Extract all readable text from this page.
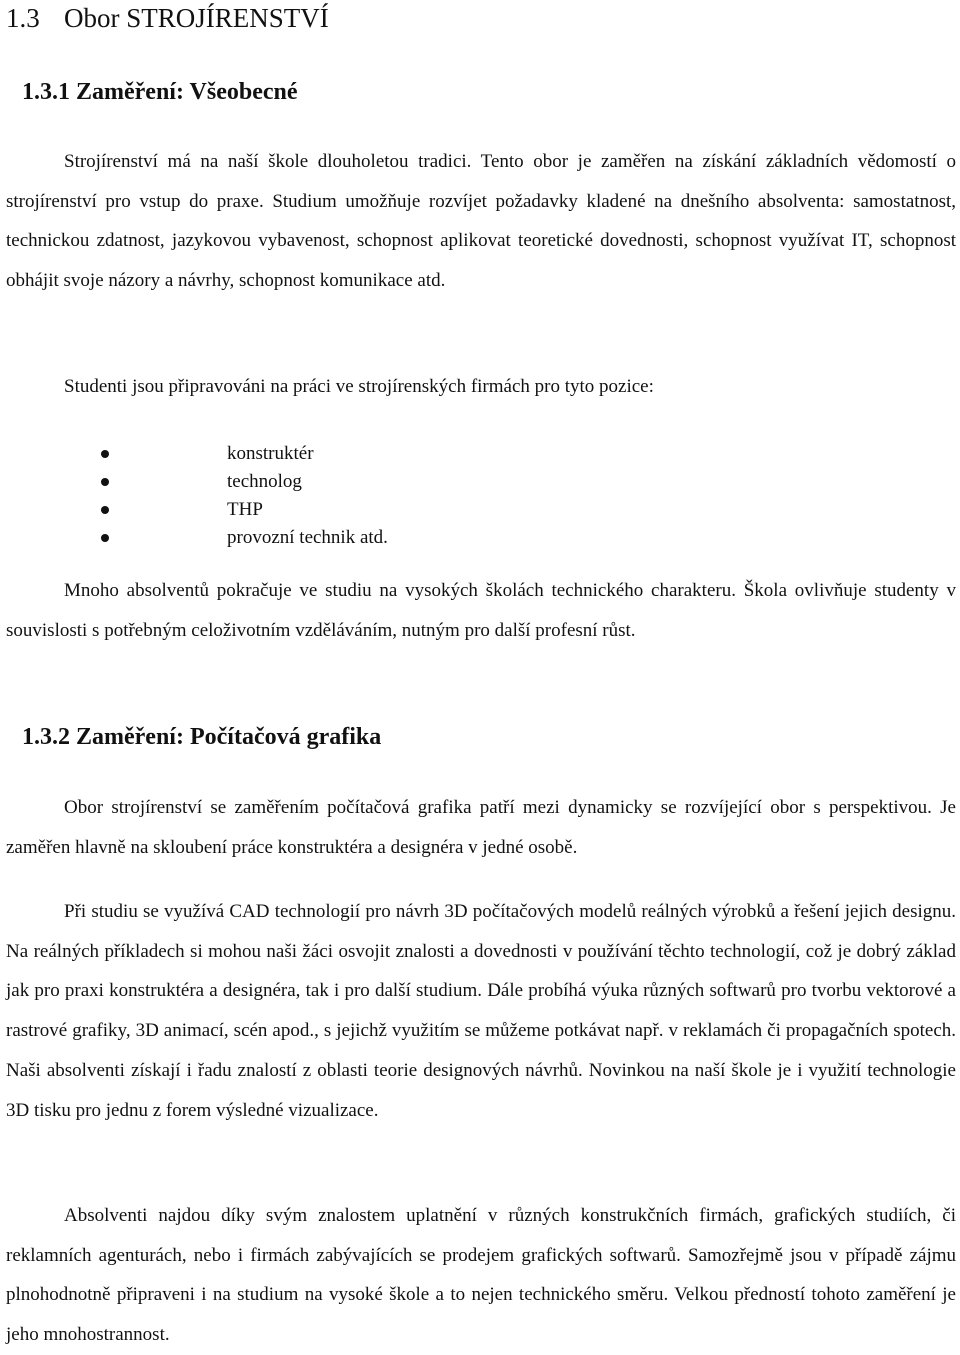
1.3 Obor STROJÍRENSTVÍ
1.3.1 Zaměření: Všeobecné

Strojírenství má na naší škole dlouholetou tradici. Tento obor je zaměřen na získání základních vědomostí o strojírenství pro vstup do praxe. Studium umožňuje rozvíjet požadavky kladené na dnešního absolventa: samostatnost, technickou zdatnost, jazykovou vybavenost, schopnost aplikovat teoretické dovednosti, schopnost využívat IT, schopnost obhájit svoje názory a návrhy, schopnost komunikace atd.

Studenti jsou připravováni na práci ve strojírenských firmách pro tyto pozice:

konstruktér
technolog
THP
provozní technik atd.

Mnoho absolventů pokračuje ve studiu na vysokých školách technického charakteru. Škola ovlivňuje studenty v souvislosti s potřebným celoživotním vzděláváním, nutným pro další profesní růst.

1.3.2 Zaměření: Počítačová grafika

Obor strojírenství se zaměřením počítačová grafika patří mezi dynamicky se rozvíjející obor s perspektivou. Je zaměřen hlavně na skloubení práce konstruktéra a designéra v jedné osobě.

Při studiu se využívá CAD technologií pro návrh 3D počítačových modelů reálných výrobků a řešení jejich designu. Na reálných příkladech si mohou naši žáci osvojit znalosti a dovednosti v používání těchto technologií, což je dobrý základ jak pro praxi konstruktéra a designéra, tak i pro další studium. Dále probíhá výuka různých softwarů pro tvorbu vektorové a rastrové grafiky, 3D animací, scén apod., s jejichž využitím se můžeme potkávat např. v reklamách či propagačních spotech. Naši absolventi získají i řadu znalostí z oblasti teorie designových návrhů. Novinkou na naší škole je i využití technologie 3D tisku pro jednu z forem výsledné vizualizace.

Absolventi najdou díky svým znalostem uplatnění v různých konstrukčních firmách, grafických studiích, či reklamních agenturách, nebo i firmách zabývajících se prodejem grafických softwarů. Samozřejmě jsou v případě zájmu plnohodnotně připraveni i na studium na vysoké škole a to nejen technického směru. Velkou předností tohoto zaměření je jeho mnohostrannost.
